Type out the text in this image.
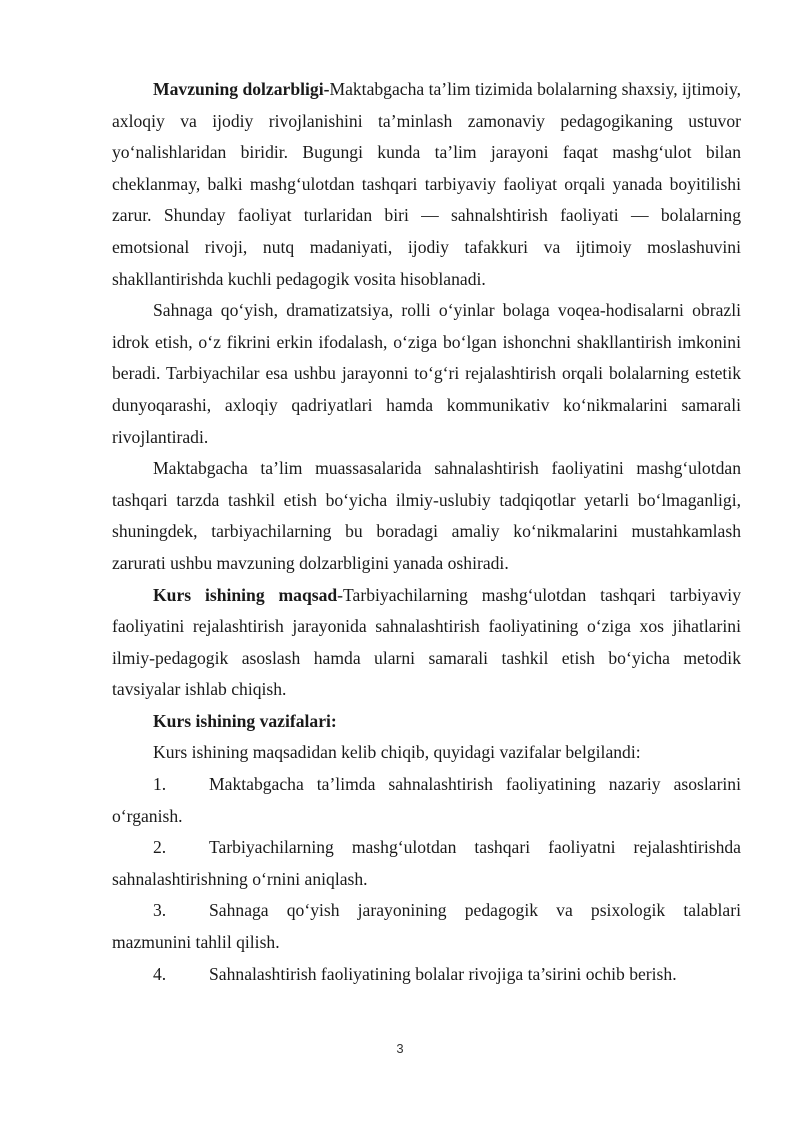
Mavzuning dolzarbligi-Maktabgacha ta’lim tizimida bolalarning shaxsiy, ijtimoiy, axloqiy va ijodiy rivojlanishini ta’minlash zamonaviy pedagogikaning ustuvor yo‘nalishlaridan biridir. Bugungi kunda ta’lim jarayoni faqat mashg‘ulot bilan cheklanmay, balki mashg‘ulotdan tashqari tarbiyaviy faoliyat orqali yanada boyitilishi zarur. Shunday faoliyat turlaridan biri — sahnalshtirish faoliyati — bolalarning emotsional rivoji, nutq madaniyati, ijodiy tafakkuri va ijtimoiy moslashuvini shakllantirishda kuchli pedagogik vosita hisoblanadi.

Sahnaga qo‘yish, dramatizatsiya, rolli o‘yinlar bolaga voqea-hodisalarni obrazli idrok etish, o‘z fikrini erkin ifodalash, o‘ziga bo‘lgan ishonchni shakllantirish imkonini beradi. Tarbiyachilar esa ushbu jarayonni to‘g‘ri rejalashtirish orqali bolalarning estetik dunyoqarashi, axloqiy qadriyatlari hamda kommunikativ ko‘nikmalarini samarali rivojlantiradi.

Maktabgacha ta’lim muassasalarida sahnalashtirish faoliyatini mashg‘ulotdan tashqari tarzda tashkil etish bo‘yicha ilmiy-uslubiy tadqiqotlar yetarli bo‘lmaganligi, shuningdek, tarbiyachilarning bu boradagi amaliy ko‘nikmalarini mustahkamlash zarurati ushbu mavzuning dolzarbligini yanada oshiradi.

Kurs ishining maqsad-Tarbiyachilarning mashg‘ulotdan tashqari tarbiyaviy faoliyatini rejalashtirish jarayonida sahnalashtirish faoliyatining o‘ziga xos jihatlarini ilmiy-pedagogik asoslash hamda ularni samarali tashkil etish bo‘yicha metodik tavsiyalar ishlab chiqish.

Kurs ishining vazifalari:

Kurs ishining maqsadidan kelib chiqib, quyidagi vazifalar belgilandi:

1. Maktabgacha ta’limda sahnalashtirish faoliyatining nazariy asoslarini o‘rganish.

2. Tarbiyachilarning mashg‘ulotdan tashqari faoliyatni rejalashtirishda sahnalashtirishning o‘rnini aniqlash.

3. Sahnaga qo‘yish jarayonining pedagogik va psixologik talablari mazmunini tahlil qilish.

4. Sahnalashtirish faoliyatining bolalar rivojiga ta’sirini ochib berish.

3
